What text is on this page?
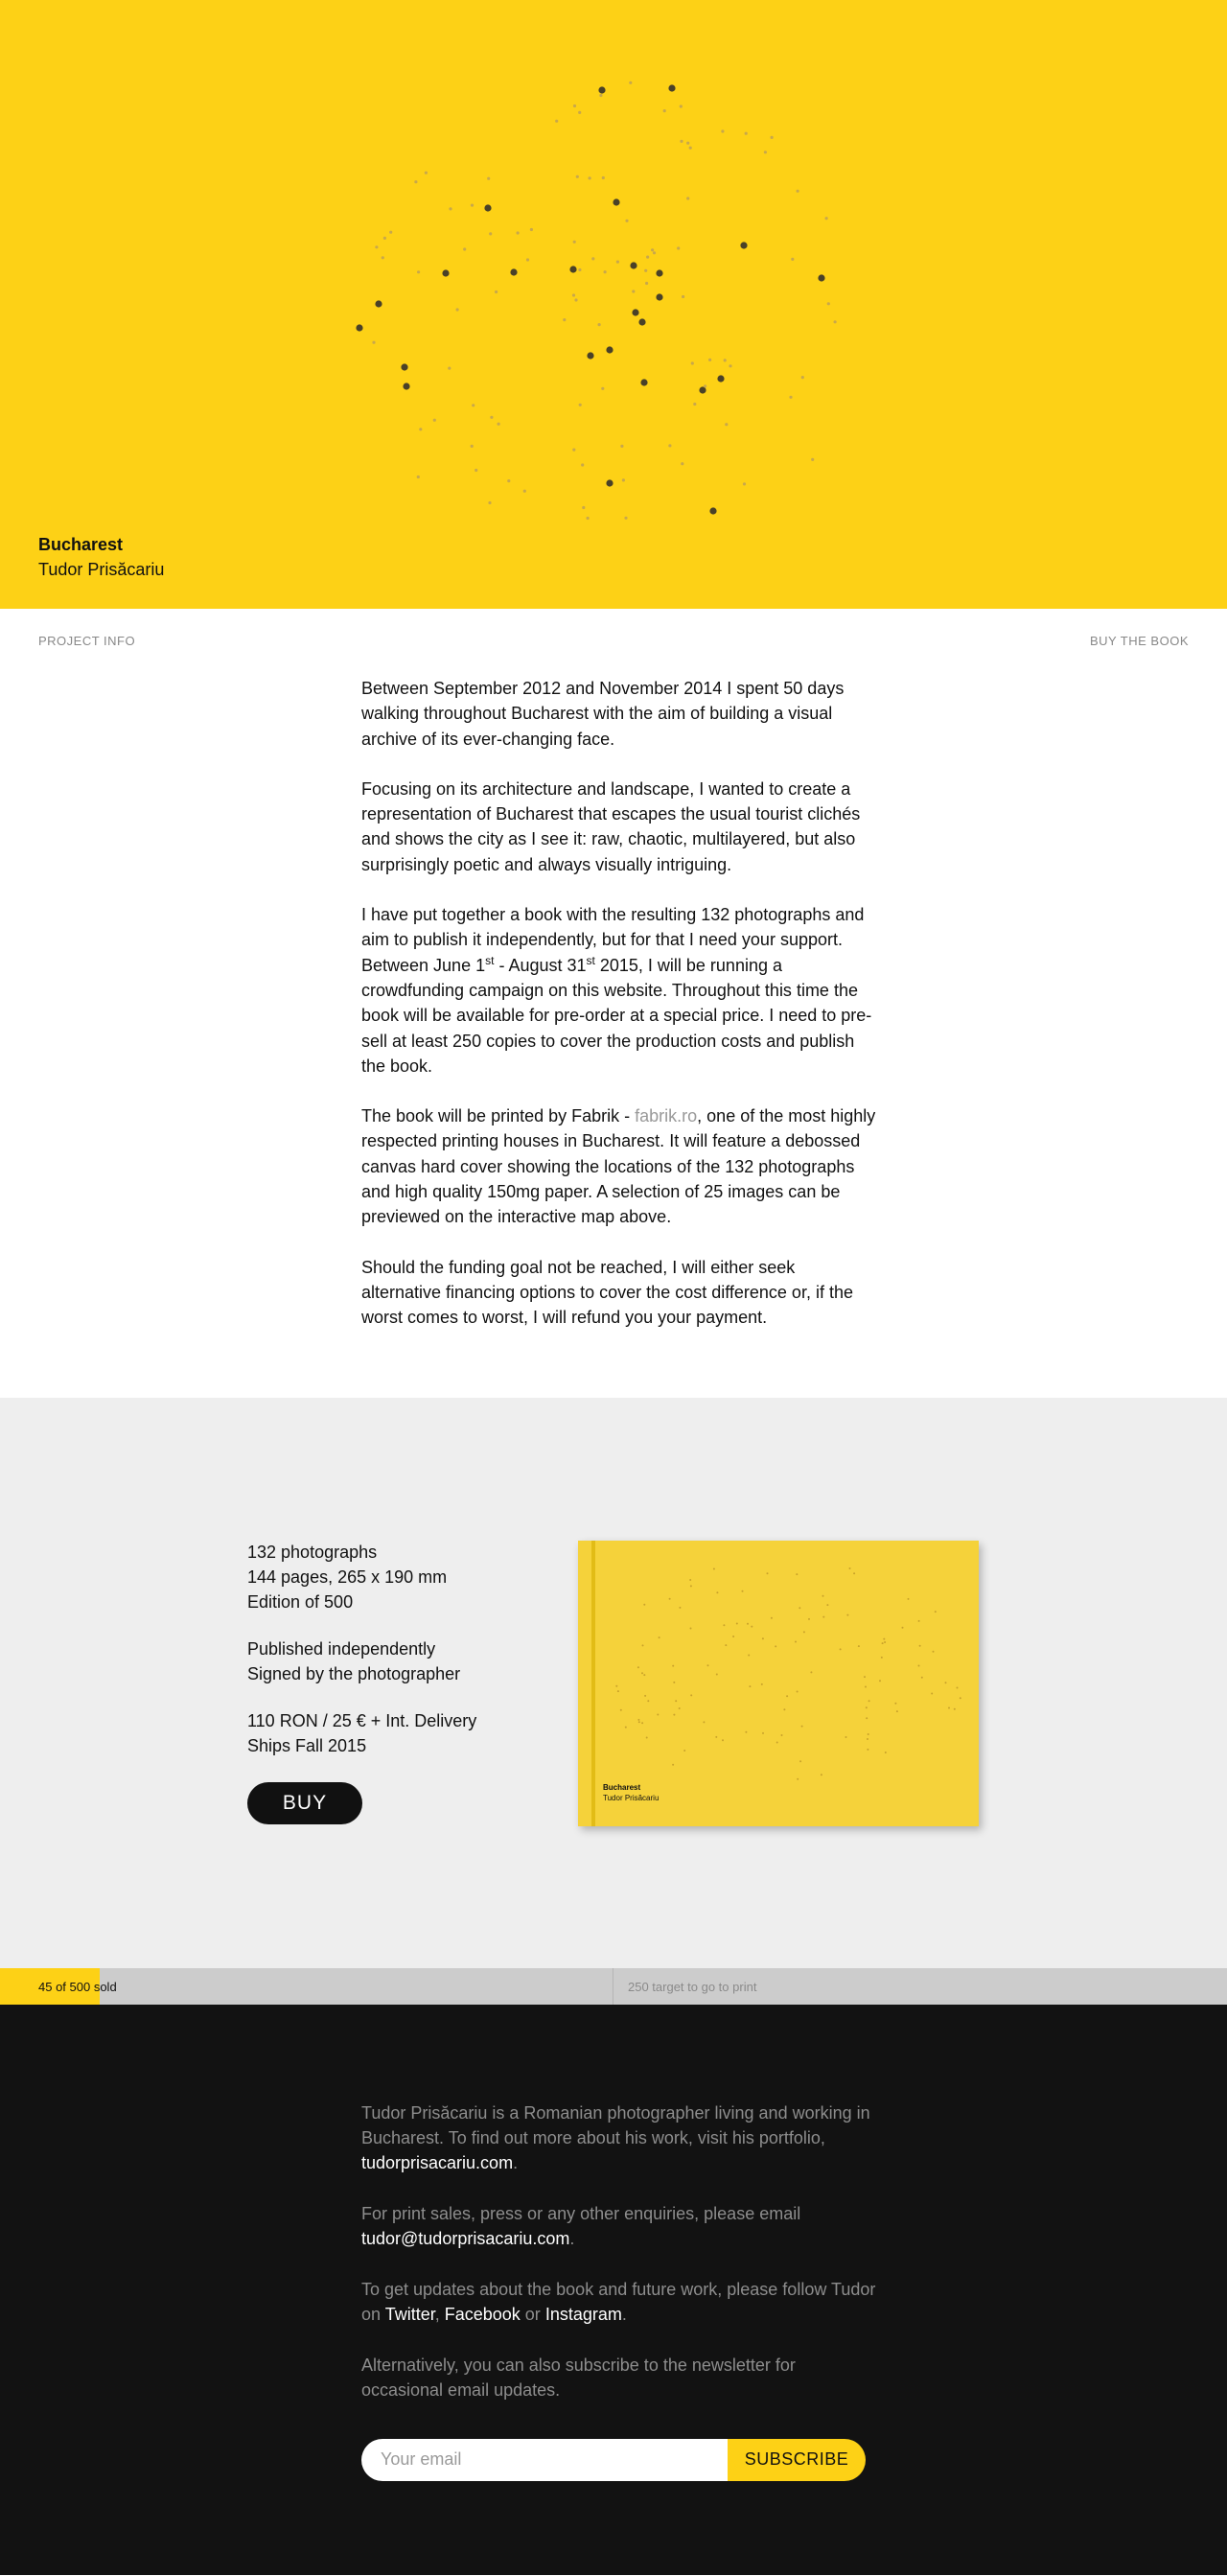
Bucharest
Tudor Prisăcariu
PROJECT INFO	BUY THE BOOK

Between September 2012 and November 2014 I spent 50 days walking throughout Bucharest with the aim of building a visual archive of its ever-changing face.

Focusing on its architecture and landscape, I wanted to create a representation of Bucharest that escapes the usual tourist clichés and shows the city as I see it: raw, chaotic, multilayered, but also surprisingly poetic and always visually intriguing.

I have put together a book with the resulting 132 photographs and aim to publish it independently, but for that I need your support. Between June 1st - August 31st 2015, I will be running a crowdfunding campaign on this website. Throughout this time the book will be available for pre-order at a special price. I need to pre-sell at least 250 copies to cover the production costs and publish the book.

The book will be printed by Fabrik - fabrik.ro, one of the most highly respected printing houses in Bucharest. It will feature a debossed canvas hard cover showing the locations of the 132 photographs and high quality 150mg paper. A selection of 25 images can be previewed on the interactive map above.

Should the funding goal not be reached, I will either seek alternative financing options to cover the cost difference or, if the worst comes to worst, I will refund you your payment.

132 photographs
144 pages, 265 x 190 mm
Edition of 500
Published independently
Signed by the photographer
110 RON / 25 € + Int. Delivery
Ships Fall 2015
BUY
Bucharest
Tudor Prisăcariu
45 of 500 sold	250 target to go to print

Tudor Prisăcariu is a Romanian photographer living and working in Bucharest. To find out more about his work, visit his portfolio, tudorprisacariu.com.

For print sales, press or any other enquiries, please email tudor@tudorprisacariu.com.

To get updates about the book and future work, please follow Tudor on Twitter, Facebook or Instagram.

Alternatively, you can also subscribe to the newsletter for occasional email updates.

Your email
SUBSCRIBE
